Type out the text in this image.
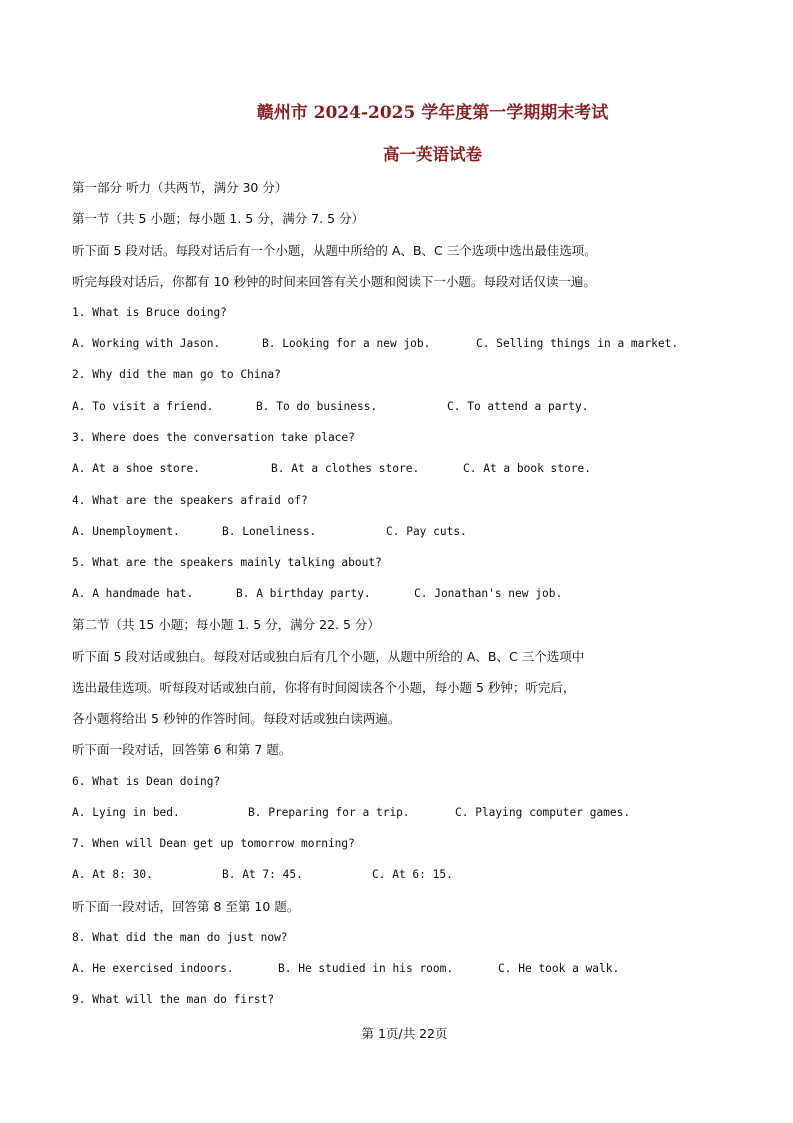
赣州市 2024-2025 学年度第一学期期末考试
高一英语试卷
第一部分 听力（共两节，满分 30 分）
第一节（共 5 小题；每小题 1. 5 分，满分 7. 5 分）
听下面 5 段对话。每段对话后有一个小题，从题中所给的 A、B、C 三个选项中选出最佳选项。
听完每段对话后，你都有 10 秒钟的时间来回答有关小题和阅读下一小题。每段对话仅读一遍。
1. What is Bruce doing?
A. Working with Jason.	B. Looking for a new job.	C. Selling things in a market.
2. Why did the man go to China?
A. To visit a friend.	B. To do business.	C. To attend a party.
3. Where does the conversation take place?
A. At a shoe store.	B. At a clothes store.	C. At a book store.
4. What are the speakers afraid of?
A. Unemployment.	B. Loneliness.	C. Pay cuts.
5. What are the speakers mainly talking about?
A. A handmade hat.	B. A birthday party.	C. Jonathan's new job.
第二节（共 15 小题；每小题 1. 5 分，满分 22. 5 分）
听下面 5 段对话或独白。每段对话或独白后有几个小题，从题中所给的 A、B、C 三个选项中
选出最佳选项。听每段对话或独白前，你将有时间阅读各个小题，每小题 5 秒钟；听完后，
各小题将给出 5 秒钟的作答时间。每段对话或独白读两遍。
听下面一段对话，回答第 6 和第 7 题。
6. What is Dean doing?
A. Lying in bed.	B. Preparing for a trip.	C. Playing computer games.
7. When will Dean get up tomorrow morning?
A. At 8: 30.	B. At 7: 45.	C. At 6: 15.
听下面一段对话，回答第 8 至第 10 题。
8. What did the man do just now?
A. He exercised indoors.	B. He studied in his room.	C. He took a walk.
9. What will the man do first?
第 1页/共 22页
